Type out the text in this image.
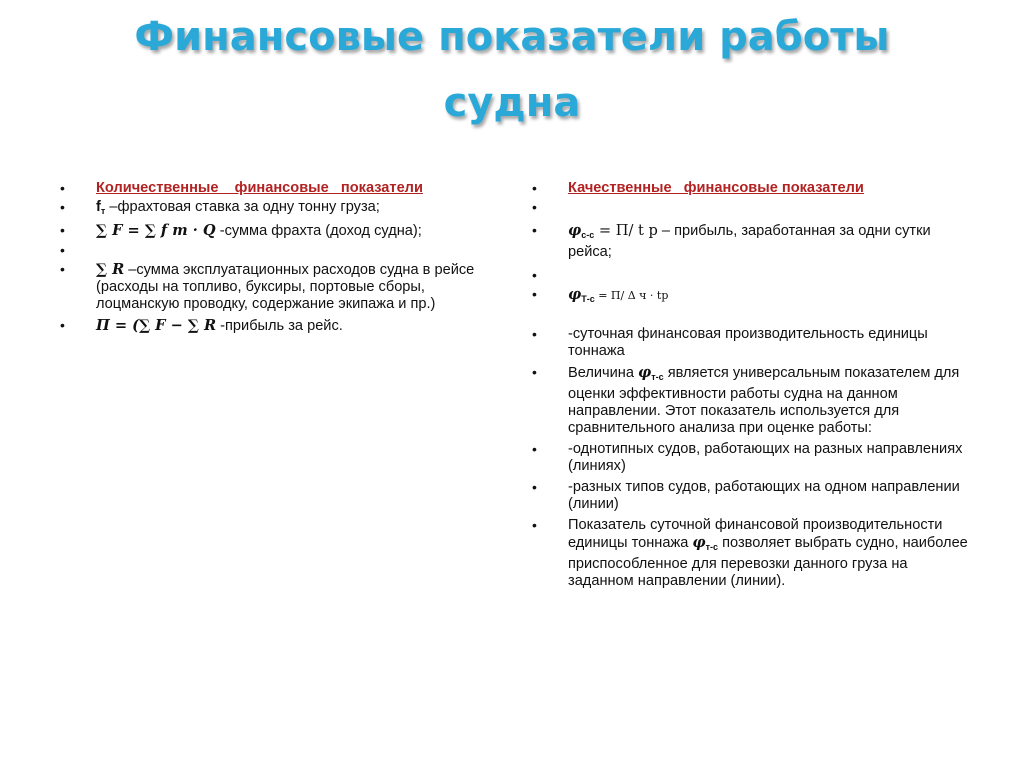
Финансовые показатели работы
судна
• Количественные    финансовые   показатели
• $f_т$ –фрахтовая ставка за одну тонну груза;
• ∑ F = ∑ f т · Q -сумма фрахта (доход судна);
•
• ∑ R –сумма эксплуатационных расходов судна в рейсе (расходы на топливо, буксиры, портовые сборы, лоцманскую проводку, содержание экипажа и пр.)
• П = (∑ F − ∑ R -прибыль за рейс.
• Качественные   финансовые показатели
•
• $\varphi_{с-с} = П/$ t р – прибыль, заработанная за одни сутки рейса;
•
• $\varphi_{Т-с} = П/$ Δ ч · tр
• -суточная финансовая производительность единицы тоннажа
• Величина $\varphi_{т-с}$ является универсальным показателем для оценки эффективности работы судна на данном направлении. Этот показатель используется для сравнительного анализа при оценке работы:
• -однотипных судов, работающих на разных направлениях (линиях)
• -разных типов судов, работающих на одном направлении (линии)
• Показатель суточной финансовой производительности единицы тоннажа $\varphi_{т-с}$ позволяет выбрать судно, наиболее приспособленное для перевозки данного груза на заданном направлении (линии).
